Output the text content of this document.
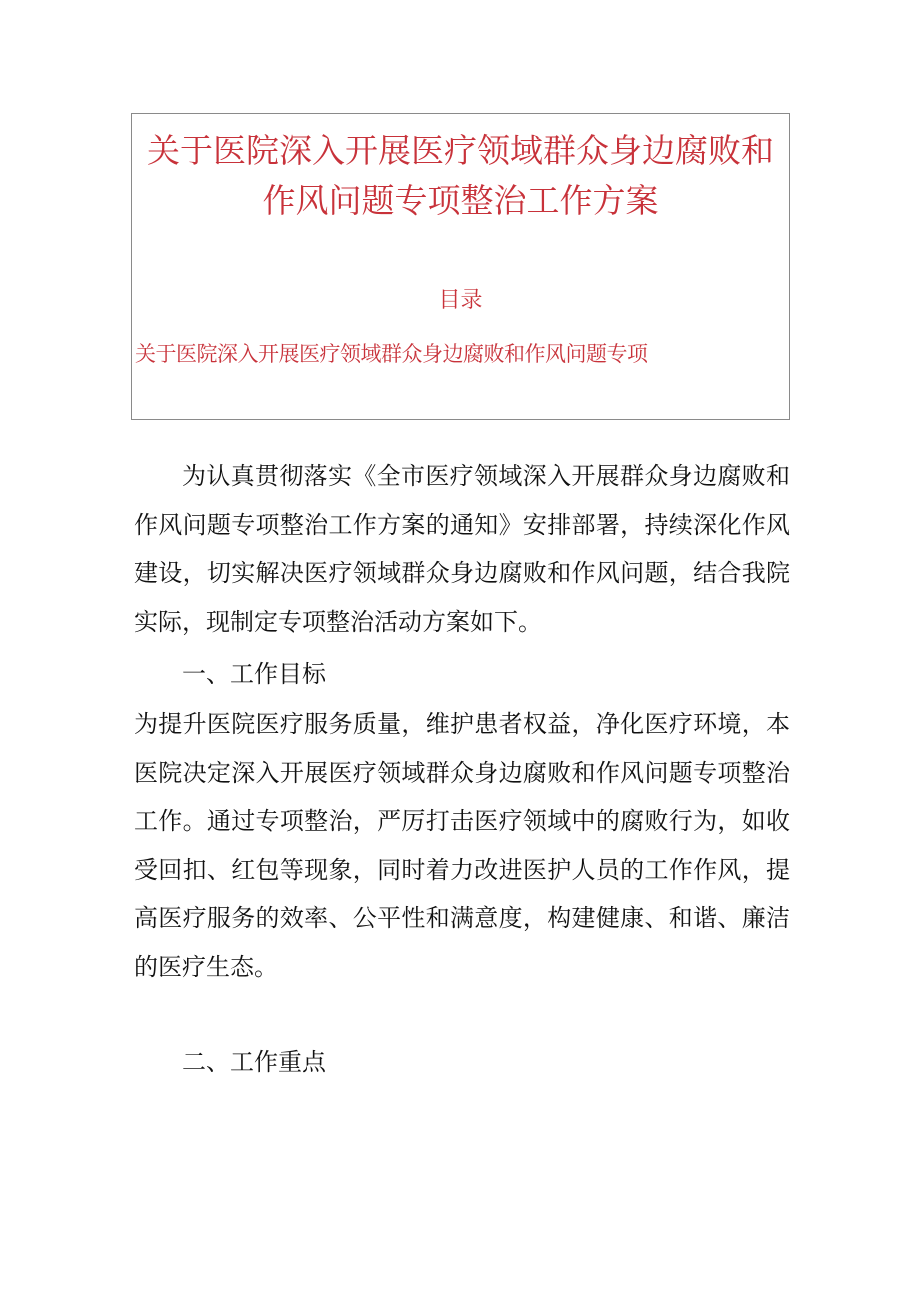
关于医院深入开展医疗领域群众身边腐败和作风问题专项整治工作方案
目录
关于医院深入开展医疗领域群众身边腐败和作风问题专项

为认真贯彻落实《全市医疗领域深入开展群众身边腐败和作风问题专项整治工作方案的通知》安排部署，持续深化作风建设，切实解决医疗领域群众身边腐败和作风问题，结合我院实际，现制定专项整治活动方案如下。

一、工作目标

为提升医院医疗服务质量，维护患者权益，净化医疗环境，本医院决定深入开展医疗领域群众身边腐败和作风问题专项整治工作。通过专项整治，严厉打击医疗领域中的腐败行为，如收受回扣、红包等现象，同时着力改进医护人员的工作作风，提高医疗服务的效率、公平性和满意度，构建健康、和谐、廉洁的医疗生态。

二、工作重点
